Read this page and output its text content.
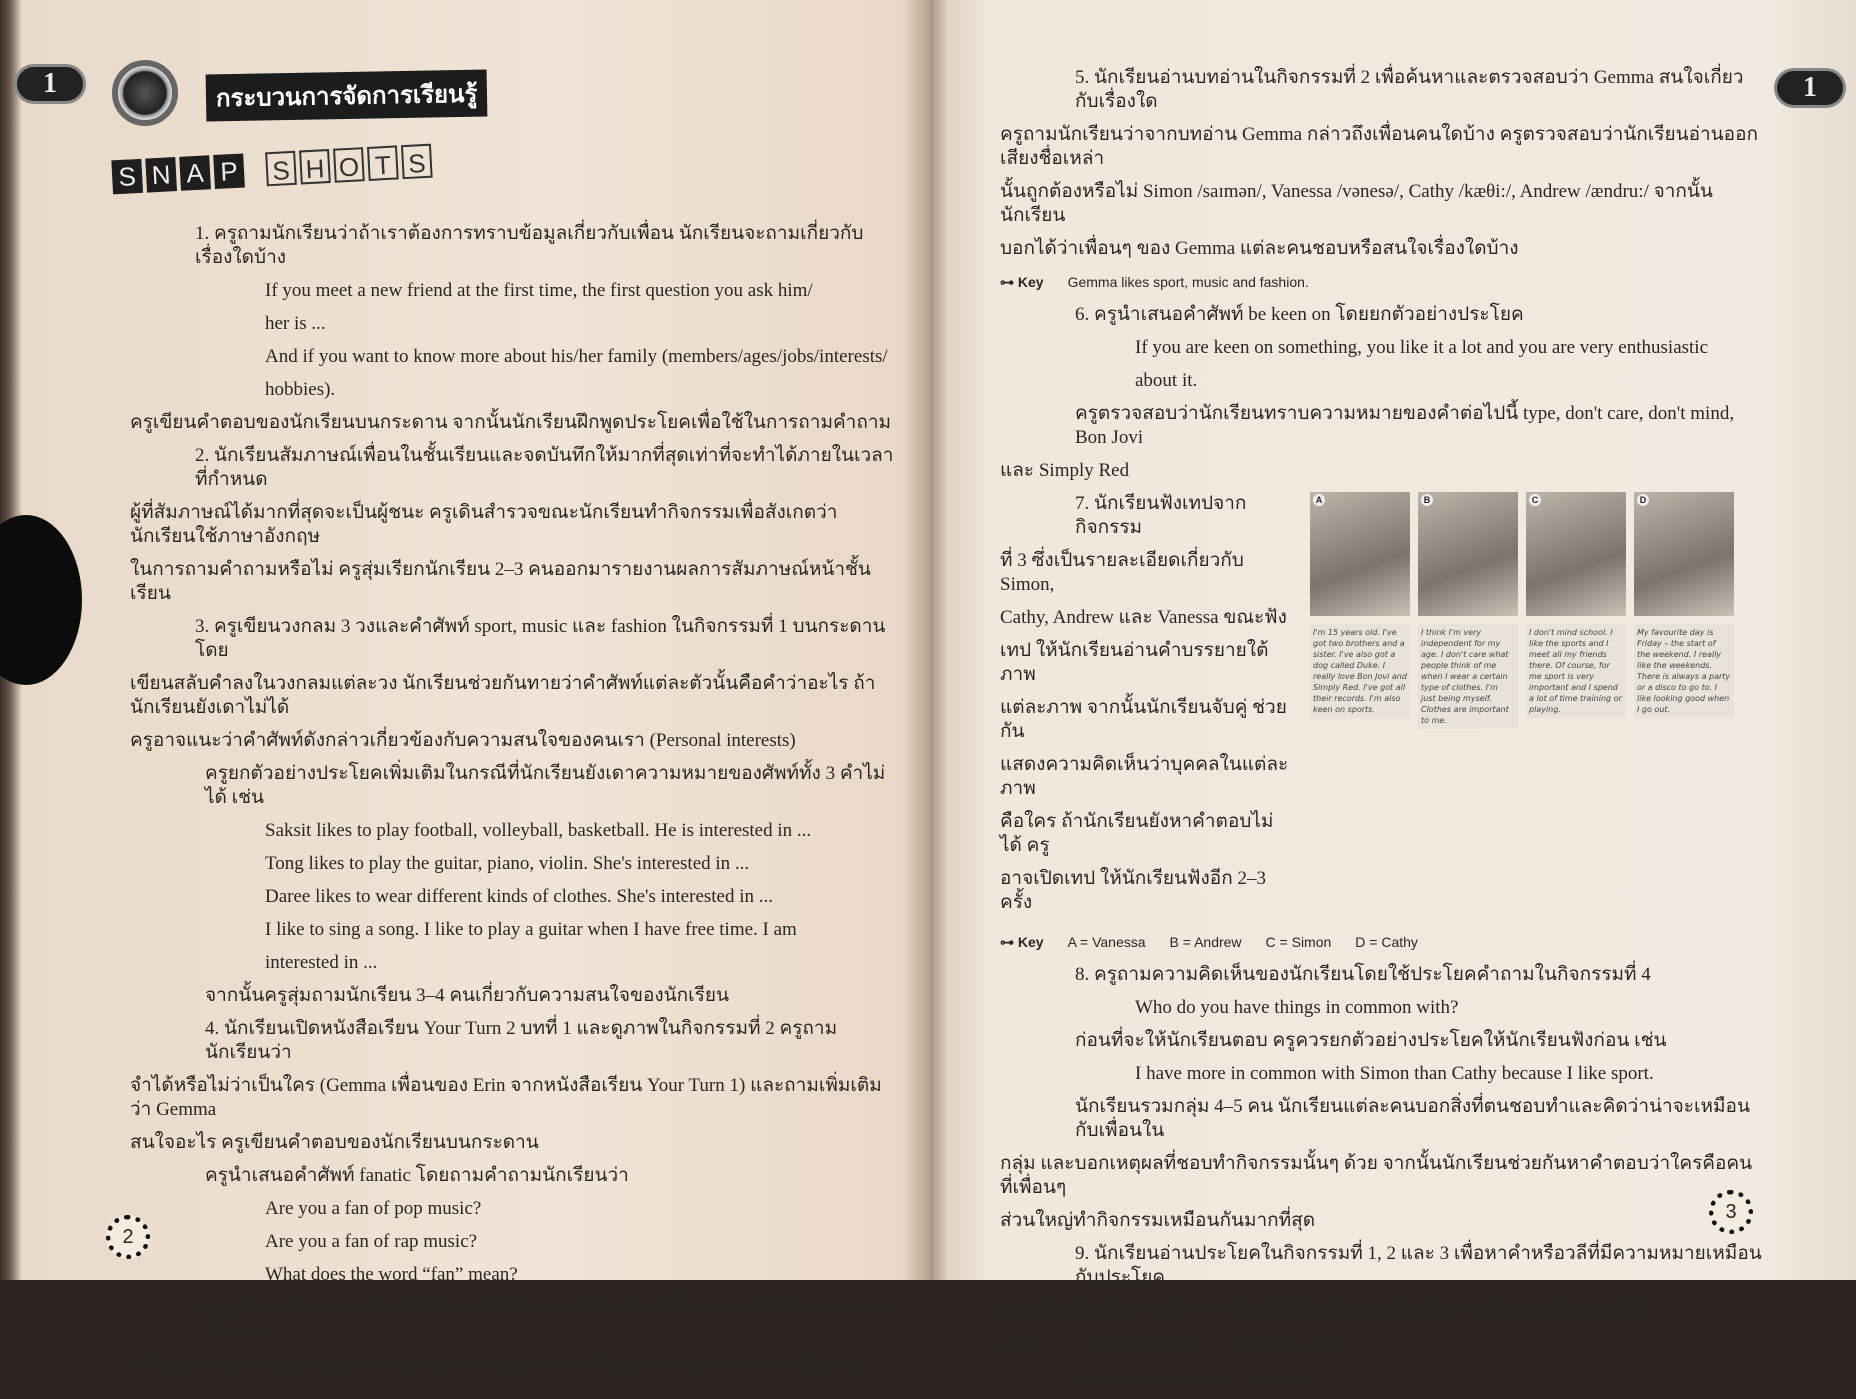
1	กระบวนการจัดการเรียนรู้
S N A P S H O T S
1. ครูถามนักเรียนว่าถ้าเราต้องการทราบข้อมูลเกี่ยวกับเพื่อน นักเรียนจะถามเกี่ยวกับเรื่องใดบ้าง
If you meet a new friend at the first time, the first question you ask him/
her is ...
And if you want to know more about his/her family (members/ages/jobs/interests/
hobbies).
ครูเขียนคำตอบของนักเรียนบนกระดาน จากนั้นนักเรียนฝึกพูดประโยคเพื่อใช้ในการถามคำถาม
2. นักเรียนสัมภาษณ์เพื่อนในชั้นเรียนและจดบันทึกให้มากที่สุดเท่าที่จะทำได้ภายในเวลาที่กำหนด
ผู้ที่สัมภาษณ์ได้มากที่สุดจะเป็นผู้ชนะ ครูเดินสำรวจขณะนักเรียนทำกิจกรรมเพื่อสังเกตว่านักเรียนใช้ภาษาอังกฤษ
ในการถามคำถามหรือไม่ ครูสุ่มเรียกนักเรียน 2–3 คนออกมารายงานผลการสัมภาษณ์หน้าชั้นเรียน
3. ครูเขียนวงกลม 3 วงและคำศัพท์ sport, music และ fashion ในกิจกรรมที่ 1 บนกระดาน โดย
เขียนสลับคำลงในวงกลมแต่ละวง นักเรียนช่วยกันทายว่าคำศัพท์แต่ละตัวนั้นคือคำว่าอะไร ถ้านักเรียนยังเดาไม่ได้
ครูอาจแนะว่าคำศัพท์ดังกล่าวเกี่ยวข้องกับความสนใจของคนเรา (Personal interests)
ครูยกตัวอย่างประโยคเพิ่มเติมในกรณีที่นักเรียนยังเดาความหมายของศัพท์ทั้ง 3 คำไม่ได้ เช่น
Saksit likes to play football, volleyball, basketball. He is interested in ...
Tong likes to play the guitar, piano, violin. She's interested in ...
Daree likes to wear different kinds of clothes. She's interested in ...
I like to sing a song. I like to play a guitar when I have free time. I am
interested in ...
จากนั้นครูสุ่มถามนักเรียน 3–4 คนเกี่ยวกับความสนใจของนักเรียน
4. นักเรียนเปิดหนังสือเรียน Your Turn 2 บทที่ 1 และดูภาพในกิจกรรมที่ 2 ครูถามนักเรียนว่า
จำได้หรือไม่ว่าเป็นใคร (Gemma เพื่อนของ Erin จากหนังสือเรียน Your Turn 1) และถามเพิ่มเติมว่า Gemma
สนใจอะไร ครูเขียนคำตอบของนักเรียนบนกระดาน
ครูนำเสนอคำศัพท์ fanatic โดยถามคำถามนักเรียนว่า
Are you a fan of pop music?
Are you a fan of rap music?
What does the word “fan” mean?
ครูอธิบายว่า fanatic เป็นคำที่มีรากศัพท์มาจากคำว่า fan ดังนั้น fanatic จึงมีความหมายว่า very
enthusiastic about a particular activity, sport or ways of life ตัวอย่างเช่น Jim is a football fanatic.
2
1
5. นักเรียนอ่านบทอ่านในกิจกรรมที่ 2 เพื่อค้นหาและตรวจสอบว่า Gemma สนใจเกี่ยวกับเรื่องใด
ครูถามนักเรียนว่าจากบทอ่าน Gemma กล่าวถึงเพื่อนคนใดบ้าง ครูตรวจสอบว่านักเรียนอ่านออกเสียงชื่อเหล่า
นั้นถูกต้องหรือไม่ Simon /saɪmən/, Vanessa /vənesə/, Cathy /kæθi:/, Andrew /ændru:/ จากนั้นนักเรียน
บอกได้ว่าเพื่อนๆ ของ Gemma แต่ละคนชอบหรือสนใจเรื่องใดบ้าง
⊶ Key Gemma likes sport, music and fashion.
6. ครูนำเสนอคำศัพท์ be keen on โดยยกตัวอย่างประโยค
If you are keen on something, you like it a lot and you are very enthusiastic
about it.
ครูตรวจสอบว่านักเรียนทราบความหมายของคำต่อไปนี้ type, don't care, don't mind, Bon Jovi
และ Simply Red
7. นักเรียนฟังเทปจากกิจกรรม
ที่ 3 ซึ่งเป็นรายละเอียดเกี่ยวกับ Simon,
Cathy, Andrew และ Vanessa ขณะฟัง
เทป ให้นักเรียนอ่านคำบรรยายใต้ภาพ
แต่ละภาพ จากนั้นนักเรียนจับคู่ ช่วยกัน
แสดงความคิดเห็นว่าบุคคลในแต่ละภาพ
คือใคร ถ้านักเรียนยังหาคำตอบไม่ได้ ครู
อาจเปิดเทป ให้นักเรียนฟังอีก 2–3 ครั้ง
A
I'm 15 years old. I've got two brothers and a sister. I've also got a dog called Duke. I really love Bon Jovi and Simply Red. I've got all their records. I'm also keen on sports.
B
I think I'm very independent for my age. I don't care what people think of me when I wear a certain type of clothes. I'm just being myself. Clothes are important to me.
C
I don't mind school. I like the sports and I meet all my friends there. Of course, for me sport is very important and I spend a lot of time training or playing.
D
My favourite day is Friday – the start of the weekend. I really like the weekends. There is always a party or a disco to go to. I like looking good when I go out.
⊶ Key A = Vanessa B = Andrew C = Simon D = Cathy
8. ครูถามความคิดเห็นของนักเรียนโดยใช้ประโยคคำถามในกิจกรรมที่ 4
Who do you have things in common with?
ก่อนที่จะให้นักเรียนตอบ ครูควรยกตัวอย่างประโยคให้นักเรียนฟังก่อน เช่น
I have more in common with Simon than Cathy because I like sport.
นักเรียนรวมกลุ่ม 4–5 คน นักเรียนแต่ละคนบอกสิ่งที่ตนชอบทำและคิดว่าน่าจะเหมือนกับเพื่อนใน
กลุ่ม และบอกเหตุผลที่ชอบทำกิจกรรมนั้นๆ ด้วย จากนั้นนักเรียนช่วยกันหาคำตอบว่าใครคือคนที่เพื่อนๆ
ส่วนใหญ่ทำกิจกรรมเหมือนกันมากที่สุด
9. นักเรียนอ่านประโยคในกิจกรรมที่ 1, 2 และ 3 เพื่อหาคำหรือวลีที่มีความหมายเหมือนกับประโยค
2 ประโยคในกิจกรรมที่ 5 จากนั้นนักเรียนจับคู่ช่วยกันอภิปรายเกี่ยวกับคำตอบที่ได้
⊶ Key 1. I think school is OK. = I don't mind school.
2. It isn't important to me. = I don't care ...
3
